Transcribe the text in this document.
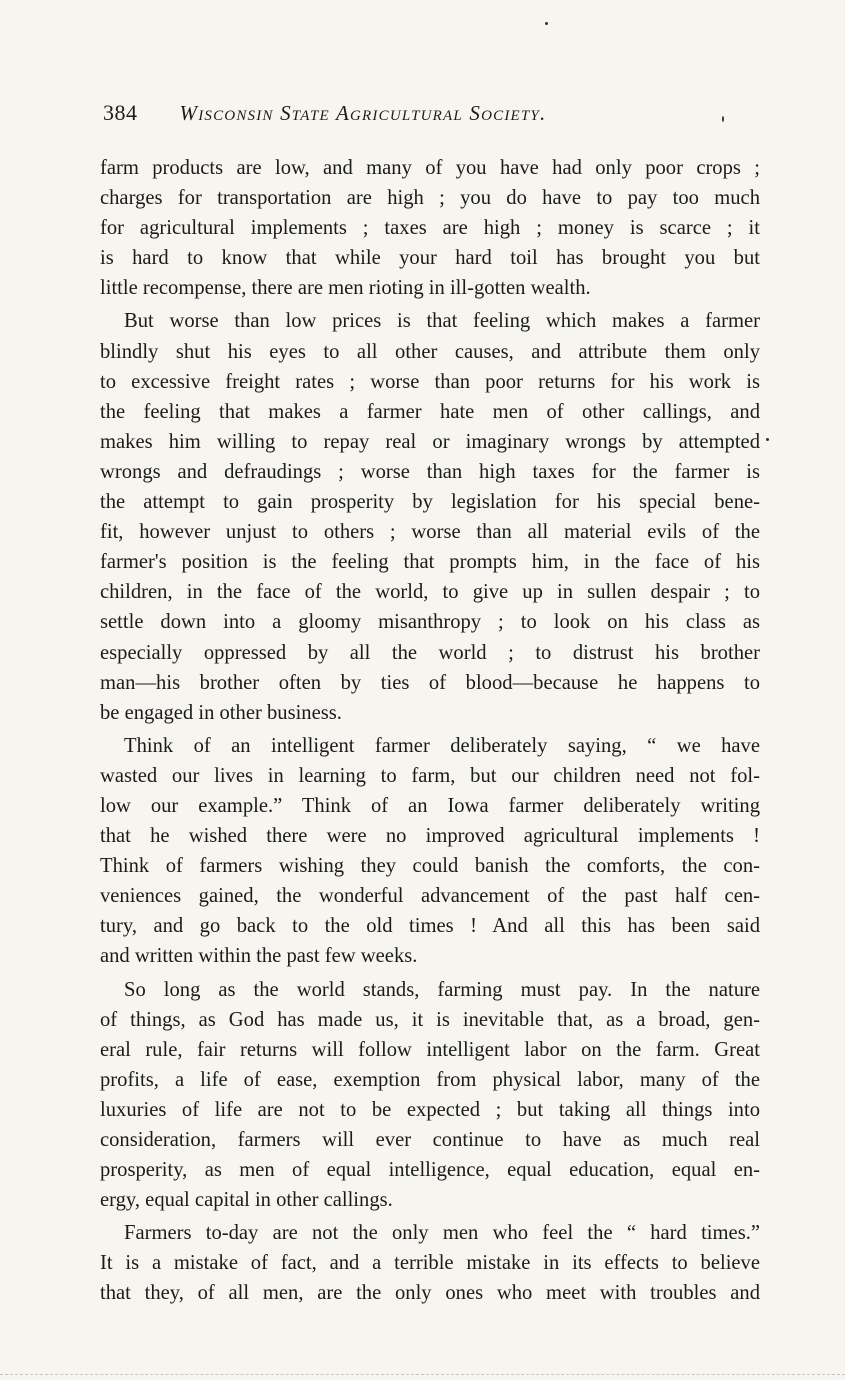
384 Wisconsin State Agricultural Society.

farm products are low, and many of you have had only poor crops ;
charges for transportation are high ; you do have to pay too much
for agricultural implements ; taxes are high ; money is scarce ; it
is hard to know that while your hard toil has brought you but
little recompense, there are men rioting in ill-gotten wealth.

But worse than low prices is that feeling which makes a farmer
blindly shut his eyes to all other causes, and attribute them only
to excessive freight rates ; worse than poor returns for his work is
the feeling that makes a farmer hate men of other callings, and
makes him willing to repay real or imaginary wrongs by attempted
wrongs and defraudings ; worse than high taxes for the farmer is
the attempt to gain prosperity by legislation for his special bene-
fit, however unjust to others ; worse than all material evils of the
farmer's position is the feeling that prompts him, in the face of his
children, in the face of the world, to give up in sullen despair ; to
settle down into a gloomy misanthropy ; to look on his class as
especially oppressed by all the world ; to distrust his brother
man—his brother often by ties of blood—because he happens to
be engaged in other business.

Think of an intelligent farmer deliberately saying, “ we have
wasted our lives in learning to farm, but our children need not fol-
low our example.” Think of an Iowa farmer deliberately writing
that he wished there were no improved agricultural implements !
Think of farmers wishing they could banish the comforts, the con-
veniences gained, the wonderful advancement of the past half cen-
tury, and go back to the old times ! And all this has been said
and written within the past few weeks.

So long as the world stands, farming must pay. In the nature
of things, as God has made us, it is inevitable that, as a broad, gen-
eral rule, fair returns will follow intelligent labor on the farm. Great
profits, a life of ease, exemption from physical labor, many of the
luxuries of life are not to be expected ; but taking all things into
consideration, farmers will ever continue to have as much real
prosperity, as men of equal intelligence, equal education, equal en-
ergy, equal capital in other callings.

Farmers to-day are not the only men who feel the “ hard times.”
It is a mistake of fact, and a terrible mistake in its effects to believe
that they, of all men, are the only ones who meet with troubles and
